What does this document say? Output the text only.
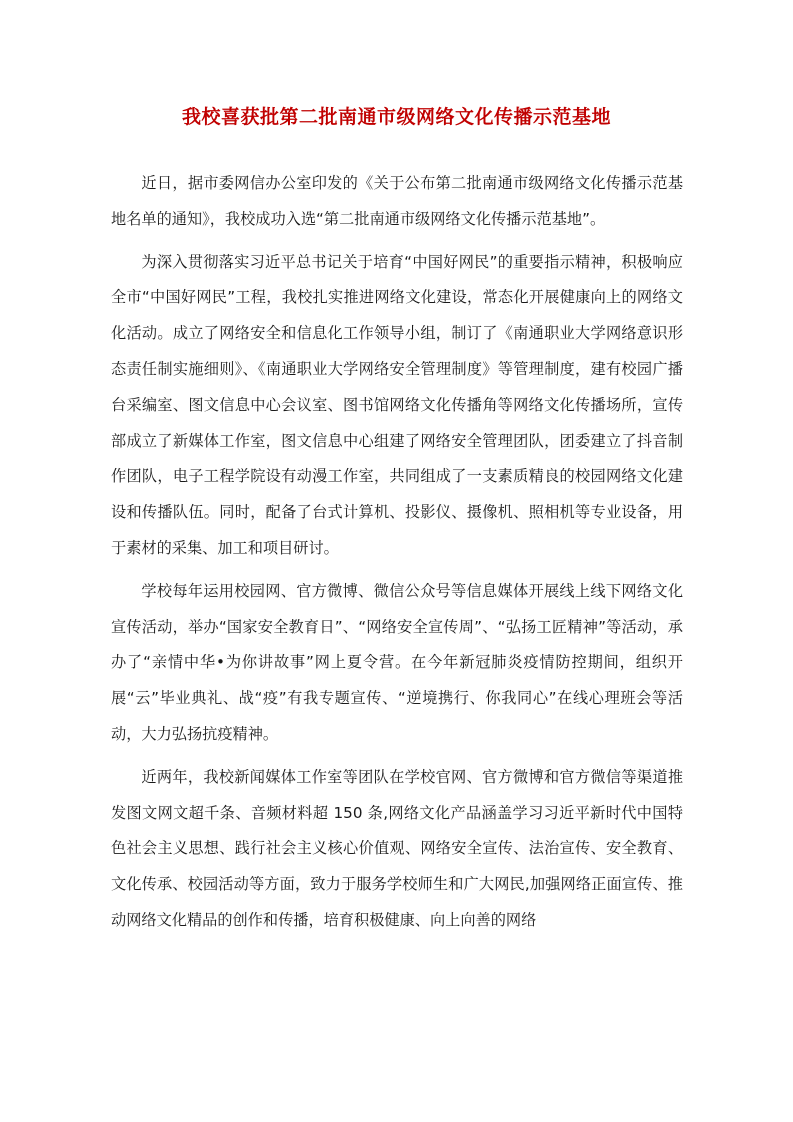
我校喜获批第二批南通市级网络文化传播示范基地

近日，据市委网信办公室印发的《关于公布第二批南通市级网络文化传播示范基地名单的通知》，我校成功入选“第二批南通市级网络文化传播示范基地”。

为深入贯彻落实习近平总书记关于培育“中国好网民”的重要指示精神，积极响应全市“中国好网民”工程，我校扎实推进网络文化建设，常态化开展健康向上的网络文化活动。成立了网络安全和信息化工作领导小组，制订了《南通职业大学网络意识形态责任制实施细则》、《南通职业大学网络安全管理制度》等管理制度，建有校园广播台采编室、图文信息中心会议室、图书馆网络文化传播角等网络文化传播场所，宣传部成立了新媒体工作室，图文信息中心组建了网络安全管理团队，团委建立了抖音制作团队，电子工程学院设有动漫工作室，共同组成了一支素质精良的校园网络文化建设和传播队伍。同时，配备了台式计算机、投影仪、摄像机、照相机等专业设备，用于素材的采集、加工和项目研讨。

学校每年运用校园网、官方微博、微信公众号等信息媒体开展线上线下网络文化宣传活动，举办“国家安全教育日”、“网络安全宣传周”、“弘扬工匠精神”等活动，承办了“亲情中华•为你讲故事”网上夏令营。在今年新冠肺炎疫情防控期间，组织开展“云”毕业典礼、战“疫”有我专题宣传、“逆境携行、你我同心”在线心理班会等活动，大力弘扬抗疫精神。

近两年，我校新闻媒体工作室等团队在学校官网、官方微博和官方微信等渠道推发图文网文超千条、音频材料超 150 条,网络文化产品涵盖学习习近平新时代中国特色社会主义思想、践行社会主义核心价值观、网络安全宣传、法治宣传、安全教育、文化传承、校园活动等方面，致力于服务学校师生和广大网民,加强网络正面宣传、推动网络文化精品的创作和传播，培育积极健康、向上向善的网络
